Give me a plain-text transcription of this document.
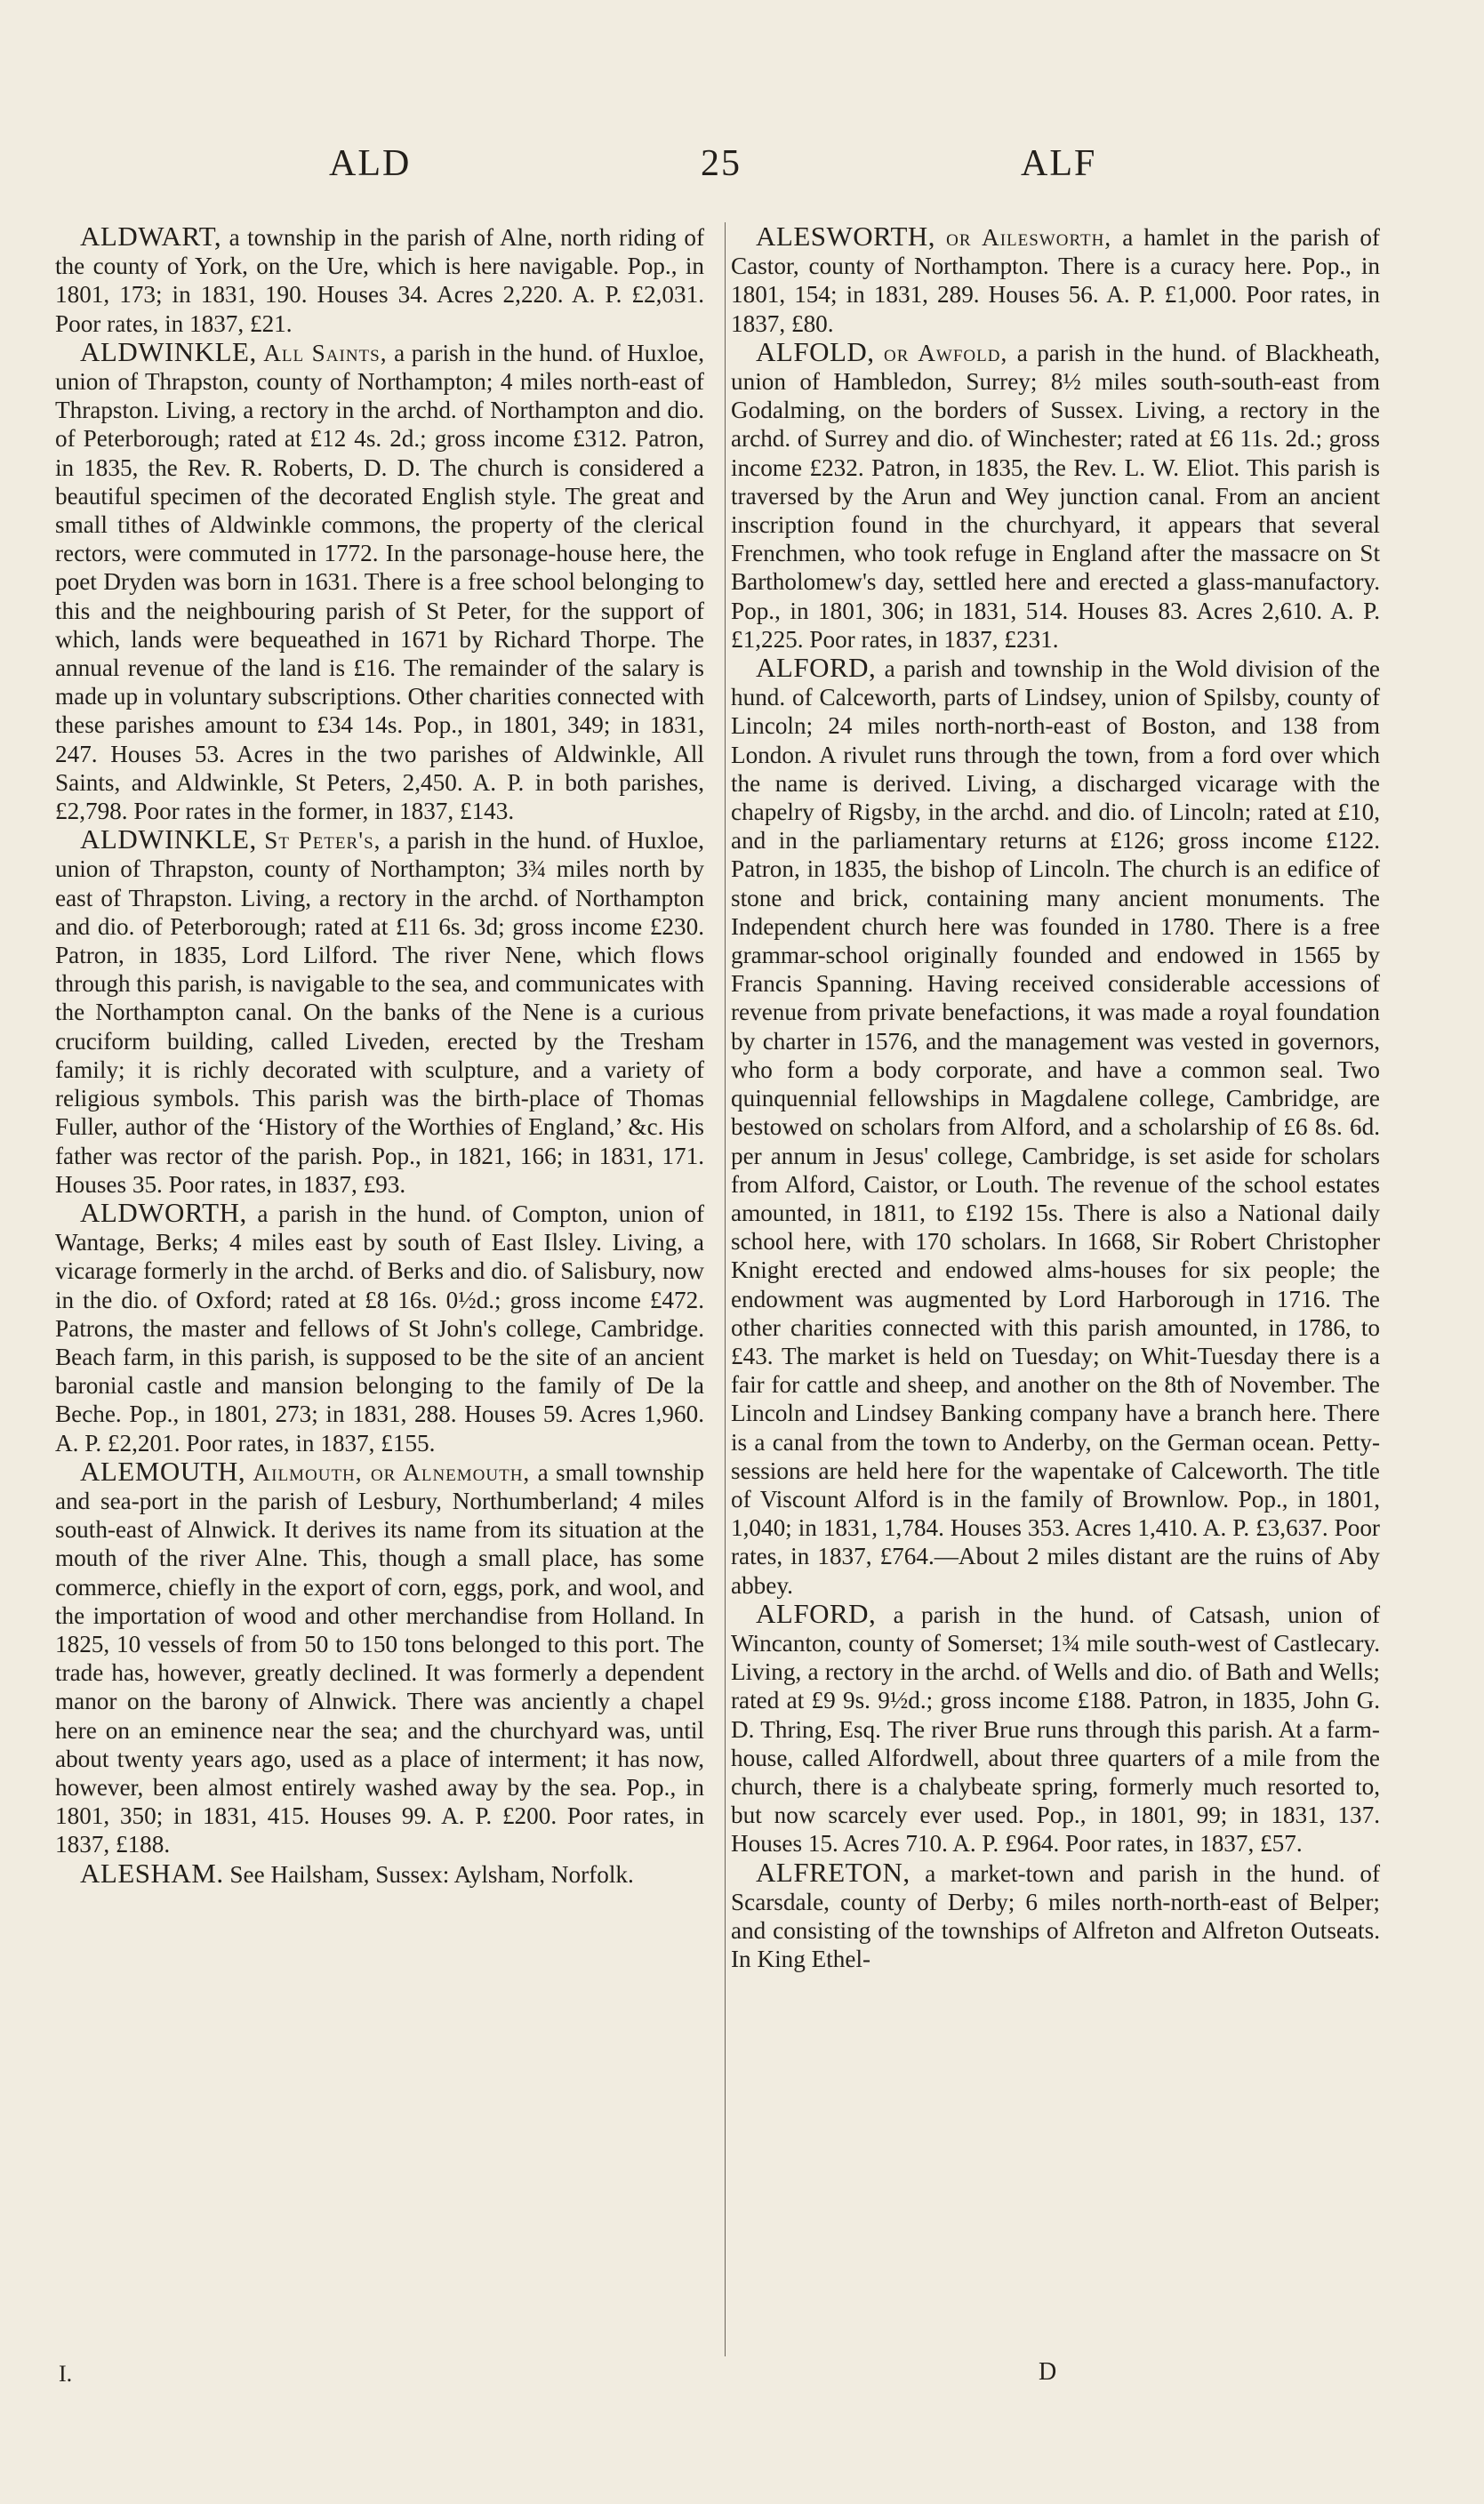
ALD	25	ALF

ALDWART, a township in the parish of Alne, north riding of the county of York, on the Ure, which is here navigable. Pop., in 1801, 173; in 1831, 190. Houses 34. Acres 2,220. A. P. £2,031. Poor rates, in 1837, £21.

ALDWINKLE, All Saints, a parish in the hund. of Huxloe, union of Thrapston, county of Northampton; 4 miles north-east of Thrapston. Living, a rectory in the archd. of Northampton and dio. of Peterborough; rated at £12 4s. 2d.; gross income £312. Patron, in 1835, the Rev. R. Roberts, D. D. The church is considered a beautiful specimen of the decorated English style. The great and small tithes of Aldwinkle commons, the property of the clerical rectors, were commuted in 1772. In the parsonage-house here, the poet Dryden was born in 1631. There is a free school belonging to this and the neighbouring parish of St Peter, for the support of which, lands were bequeathed in 1671 by Richard Thorpe. The annual revenue of the land is £16. The remainder of the salary is made up in voluntary subscriptions. Other charities connected with these parishes amount to £34 14s. Pop., in 1801, 349; in 1831, 247. Houses 53. Acres in the two parishes of Aldwinkle, All Saints, and Aldwinkle, St Peters, 2,450. A. P. in both parishes, £2,798. Poor rates in the former, in 1837, £143.

ALDWINKLE, St Peter's, a parish in the hund. of Huxloe, union of Thrapston, county of Northampton; 3¾ miles north by east of Thrapston. Living, a rectory in the archd. of Northampton and dio. of Peterborough; rated at £11 6s. 3d; gross income £230. Patron, in 1835, Lord Lilford. The river Nene, which flows through this parish, is navigable to the sea, and communicates with the Northampton canal. On the banks of the Nene is a curious cruciform building, called Liveden, erected by the Tresham family; it is richly decorated with sculpture, and a variety of religious symbols. This parish was the birth-place of Thomas Fuller, author of the ‘History of the Worthies of England,’ &c. His father was rector of the parish. Pop., in 1821, 166; in 1831, 171. Houses 35. Poor rates, in 1837, £93.

ALDWORTH, a parish in the hund. of Compton, union of Wantage, Berks; 4 miles east by south of East Ilsley. Living, a vicarage formerly in the archd. of Berks and dio. of Salisbury, now in the dio. of Oxford; rated at £8 16s. 0½d.; gross income £472. Patrons, the master and fellows of St John's college, Cambridge. Beach farm, in this parish, is supposed to be the site of an ancient baronial castle and mansion belonging to the family of De la Beche. Pop., in 1801, 273; in 1831, 288. Houses 59. Acres 1,960. A. P. £2,201. Poor rates, in 1837, £155.

ALEMOUTH, Ailmouth, or Alnemouth, a small township and sea-port in the parish of Lesbury, Northumberland; 4 miles south-east of Alnwick. It derives its name from its situation at the mouth of the river Alne. This, though a small place, has some commerce, chiefly in the export of corn, eggs, pork, and wool, and the importation of wood and other merchandise from Holland. In 1825, 10 vessels of from 50 to 150 tons belonged to this port. The trade has, however, greatly declined. It was formerly a dependent manor on the barony of Alnwick. There was anciently a chapel here on an eminence near the sea; and the churchyard was, until about twenty years ago, used as a place of interment; it has now, however, been almost entirely washed away by the sea. Pop., in 1801, 350; in 1831, 415. Houses 99. A. P. £200. Poor rates, in 1837, £188.

ALESHAM. See Hailsham, Sussex: Aylsham, Norfolk.

ALESWORTH, or Ailesworth, a hamlet in the parish of Castor, county of Northampton. There is a curacy here. Pop., in 1801, 154; in 1831, 289. Houses 56. A. P. £1,000. Poor rates, in 1837, £80.

ALFOLD, or Awfold, a parish in the hund. of Blackheath, union of Hambledon, Surrey; 8½ miles south-south-east from Godalming, on the borders of Sussex. Living, a rectory in the archd. of Surrey and dio. of Winchester; rated at £6 11s. 2d.; gross income £232. Patron, in 1835, the Rev. L. W. Eliot. This parish is traversed by the Arun and Wey junction canal. From an ancient inscription found in the churchyard, it appears that several Frenchmen, who took refuge in England after the massacre on St Bartholomew's day, settled here and erected a glass-manufactory. Pop., in 1801, 306; in 1831, 514. Houses 83. Acres 2,610. A. P. £1,225. Poor rates, in 1837, £231.

ALFORD, a parish and township in the Wold division of the hund. of Calceworth, parts of Lindsey, union of Spilsby, county of Lincoln; 24 miles north-north-east of Boston, and 138 from London. A rivulet runs through the town, from a ford over which the name is derived. Living, a discharged vicarage with the chapelry of Rigsby, in the archd. and dio. of Lincoln; rated at £10, and in the parliamentary returns at £126; gross income £122. Patron, in 1835, the bishop of Lincoln. The church is an edifice of stone and brick, containing many ancient monuments. The Independent church here was founded in 1780. There is a free grammar-school originally founded and endowed in 1565 by Francis Spanning. Having received considerable accessions of revenue from private benefactions, it was made a royal foundation by charter in 1576, and the management was vested in governors, who form a body corporate, and have a common seal. Two quinquennial fellowships in Magdalene college, Cambridge, are bestowed on scholars from Alford, and a scholarship of £6 8s. 6d. per annum in Jesus' college, Cambridge, is set aside for scholars from Alford, Caistor, or Louth. The revenue of the school estates amounted, in 1811, to £192 15s. There is also a National daily school here, with 170 scholars. In 1668, Sir Robert Christopher Knight erected and endowed alms-houses for six people; the endowment was augmented by Lord Harborough in 1716. The other charities connected with this parish amounted, in 1786, to £43. The market is held on Tuesday; on Whit-Tuesday there is a fair for cattle and sheep, and another on the 8th of November. The Lincoln and Lindsey Banking company have a branch here. There is a canal from the town to Anderby, on the German ocean. Petty-sessions are held here for the wapentake of Calceworth. The title of Viscount Alford is in the family of Brownlow. Pop., in 1801, 1,040; in 1831, 1,784. Houses 353. Acres 1,410. A. P. £3,637. Poor rates, in 1837, £764.—About 2 miles distant are the ruins of Aby abbey.

ALFORD, a parish in the hund. of Catsash, union of Wincanton, county of Somerset; 1¾ mile south-west of Castlecary. Living, a rectory in the archd. of Wells and dio. of Bath and Wells; rated at £9 9s. 9½d.; gross income £188. Patron, in 1835, John G. D. Thring, Esq. The river Brue runs through this parish. At a farm-house, called Alfordwell, about three quarters of a mile from the church, there is a chalybeate spring, formerly much resorted to, but now scarcely ever used. Pop., in 1801, 99; in 1831, 137. Houses 15. Acres 710. A. P. £964. Poor rates, in 1837, £57.

ALFRETON, a market-town and parish in the hund. of Scarsdale, county of Derby; 6 miles north-north-east of Belper; and consisting of the townships of Alfreton and Alfreton Outseats. In King Ethel-

I.	D
